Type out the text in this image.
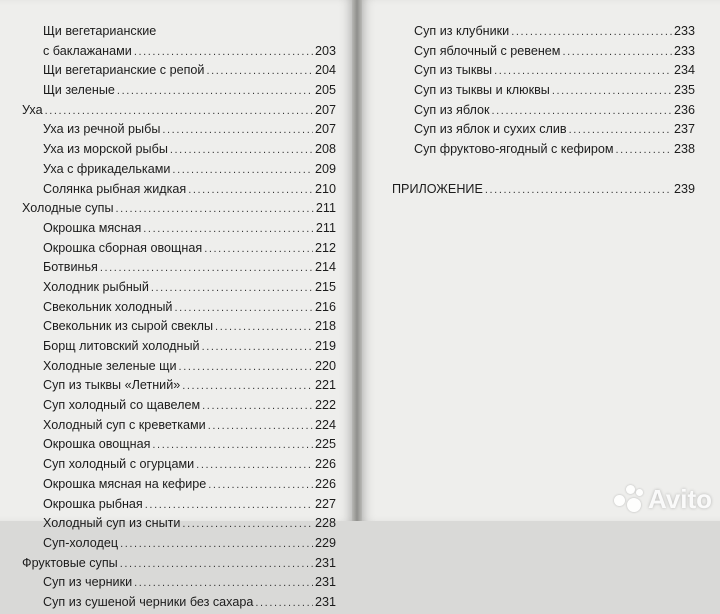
Щи вегетарианские
с баклажанами .....	203
Щи вегетарианские с репой .....	204
Щи зеленые .....	205
Уха .....	207
Уха из речной рыбы .....	207
Уха из морской рыбы .....	208
Уха с фрикадельками .....	209
Солянка рыбная жидкая .....	210
Холодные супы .....	211
Окрошка мясная .....	211
Окрошка сборная овощная .....	212
Ботвинья .....	214
Холодник рыбный .....	215
Свекольник холодный .....	216
Свекольник из сырой свеклы .....	218
Борщ литовский холодный .....	219
Холодные зеленые щи .....	220
Суп из тыквы «Летний» .....	221
Суп холодный со щавелем .....	222
Холодный суп с креветками .....	224
Окрошка овощная .....	225
Суп холодный с огурцами .....	226
Окрошка мясная на кефире .....	226
Окрошка рыбная .....	227
Холодный суп из сныти .....	228
Суп-холодец .....	229
Фруктовые супы .....	231
Суп из черники .....	231
Суп из сушеной черники без сахара .....	231
Суп из клубники .....	233
Суп яблочный с ревенем .....	233
Суп из тыквы .....	234
Суп из тыквы и клюквы .....	235
Суп из яблок .....	236
Суп из яблок и сухих слив .....	237
Суп фруктово-ягодный с кефиром .....	238
ПРИЛОЖЕНИЕ .....	239
Avito
